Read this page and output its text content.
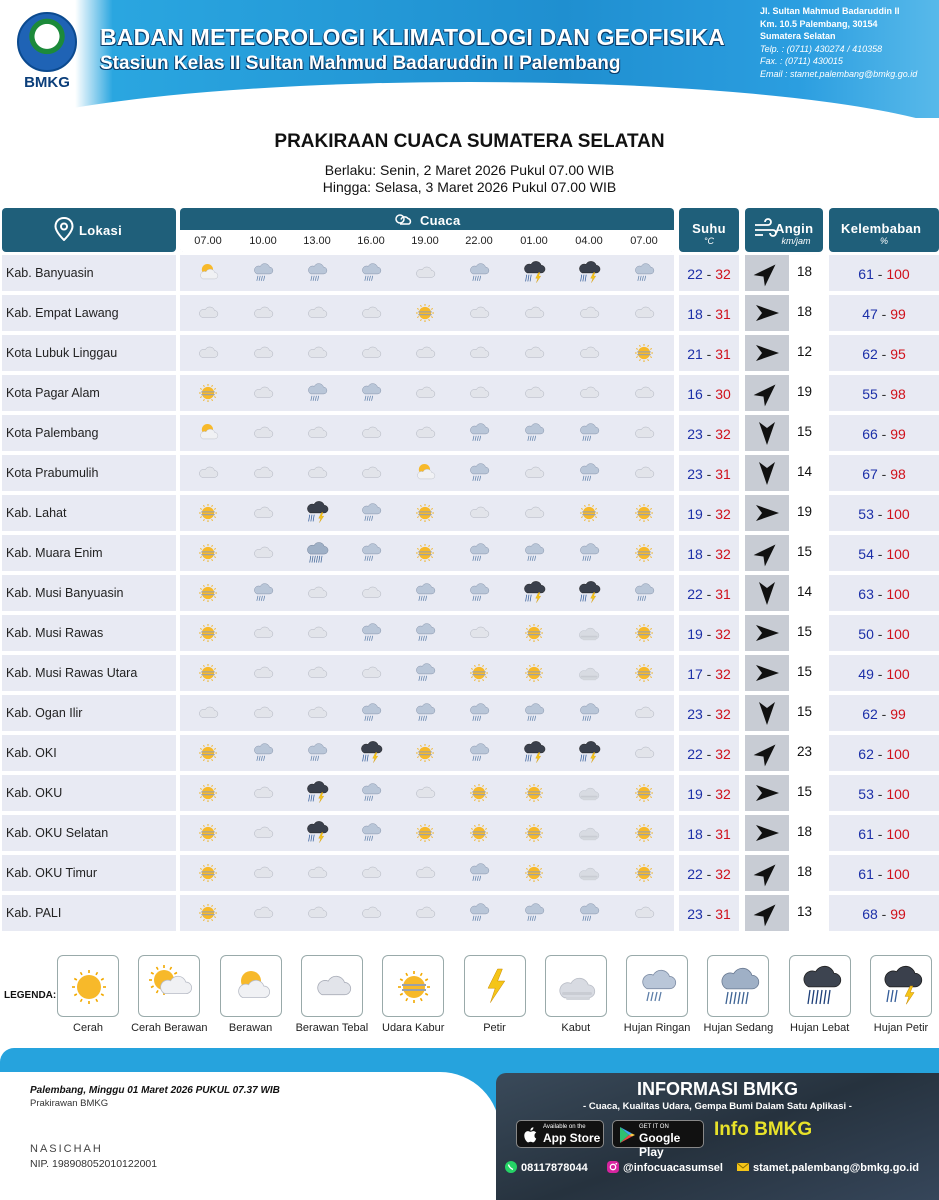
BMKG
BADAN METEOROLOGI KLIMATOLOGI DAN GEOFISIKA
Stasiun Kelas II Sultan Mahmud Badaruddin II Palembang
Jl. Sultan Mahmud Badaruddin II
Km. 10.5 Palembang, 30154
Sumatera Selatan
Telp. : (0711) 430274 / 410358
Fax. : (0711) 430015
Email : stamet.palembang@bmkg.go.id
PRAKIRAAN CUACA SUMATERA SELATAN
Berlaku: Senin, 2 Maret 2026 Pukul 07.00 WIB
Hingga: Selasa, 3 Maret 2026 Pukul 07.00 WIB
Lokasi
$_{Cuaca}$
07.00	10.00	13.00	16.00	19.00	22.00	01.00	04.00	07.00
Suhu
°C
Angin
km/jam
Kelembaban
%
Kab. Banyuasin	22 - 32	18	61 - 100
Kab. Empat Lawang	18 - 31	18	47 - 99
Kota Lubuk Linggau	21 - 31	12	62 - 95
Kota Pagar Alam	16 - 30	19	55 - 98
Kota Palembang	23 - 32	15	66 - 99
Kota Prabumulih	23 - 31	14	67 - 98
Kab. Lahat	19 - 32	19	53 - 100
Kab. Muara Enim	18 - 32	15	54 - 100
Kab. Musi Banyuasin	22 - 31	14	63 - 100
Kab. Musi Rawas	19 - 32	15	50 - 100
Kab. Musi Rawas Utara	17 - 32	15	49 - 100
Kab. Ogan Ilir	23 - 32	15	62 - 99
Kab. OKI	22 - 32	23	62 - 100
Kab. OKU	19 - 32	15	53 - 100
Kab. OKU Selatan	18 - 31	18	61 - 100
Kab. OKU Timur	22 - 32	18	61 - 100
Kab. PALI	23 - 31	13	68 - 99
LEGENDA:
Cerah	Cerah Berawan	Berawan	Berawan Tebal	Udara Kabur	Petir	Kabut	Hujan Ringan	Hujan Sedang	Hujan Lebat	Hujan Petir
Palembang, Minggu 01 Maret 2026 PUKUL 07.37 WIB
Prakirawan BMKG
NASICHAH
NIP. 198908052010122001
INFORMASI BMKG
- Cuaca, Kualitas Udara, Gempa Bumi Dalam Satu Aplikasi -
Available on the
App Store
GET IT ON
Google Play
Info BMKG
08117878044	@infocuacasumsel	stamet.palembang@bmkg.go.id
